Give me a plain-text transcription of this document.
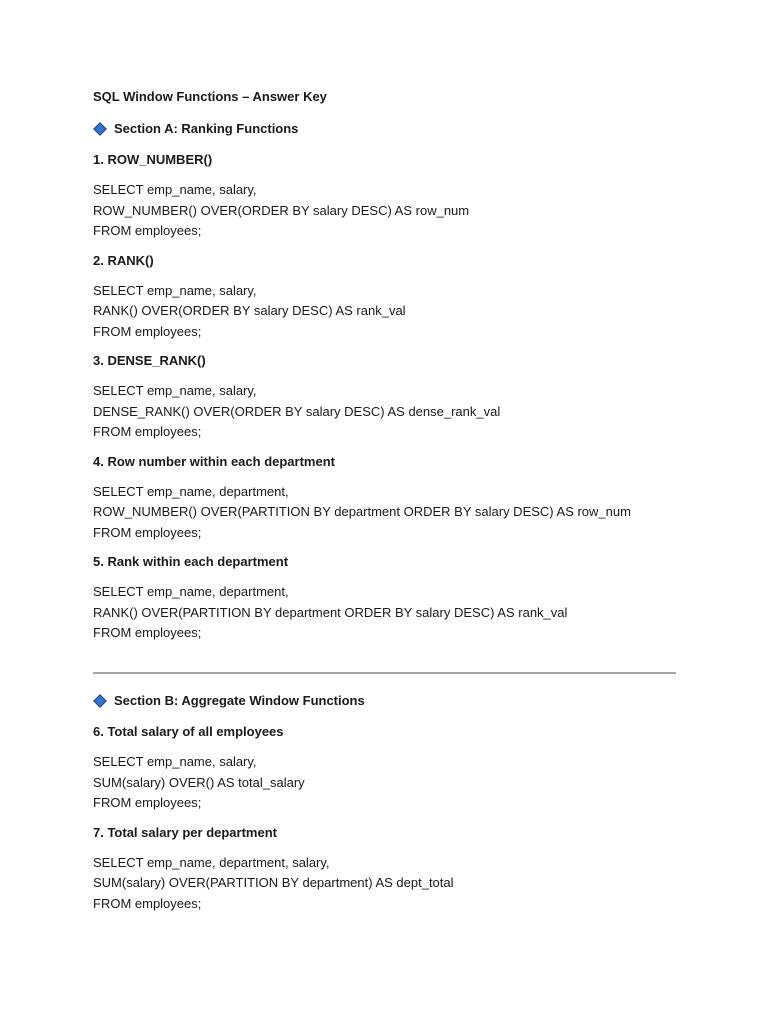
SQL Window Functions – Answer Key
Section A: Ranking Functions
1. ROW_NUMBER()
SELECT emp_name, salary,
ROW_NUMBER() OVER(ORDER BY salary DESC) AS row_num
FROM employees;
2. RANK()
SELECT emp_name, salary,
RANK() OVER(ORDER BY salary DESC) AS rank_val
FROM employees;
3. DENSE_RANK()
SELECT emp_name, salary,
DENSE_RANK() OVER(ORDER BY salary DESC) AS dense_rank_val
FROM employees;
4. Row number within each department
SELECT emp_name, department,
ROW_NUMBER() OVER(PARTITION BY department ORDER BY salary DESC) AS row_num
FROM employees;
5. Rank within each department
SELECT emp_name, department,
RANK() OVER(PARTITION BY department ORDER BY salary DESC) AS rank_val
FROM employees;
Section B: Aggregate Window Functions
6. Total salary of all employees
SELECT emp_name, salary,
SUM(salary) OVER() AS total_salary
FROM employees;
7. Total salary per department
SELECT emp_name, department, salary,
SUM(salary) OVER(PARTITION BY department) AS dept_total
FROM employees;
